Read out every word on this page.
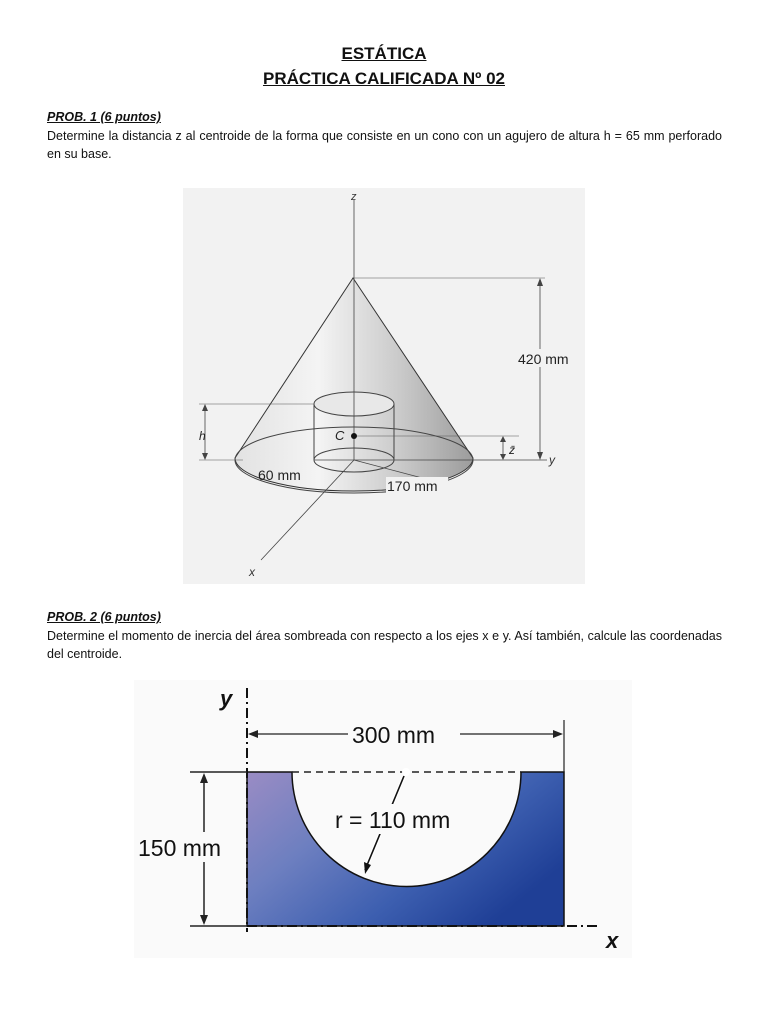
ESTÁTICA
PRÁCTICA CALIFICADA Nº 02
PROB. 1 (6 puntos)
Determine la distancia z al centroide de la forma que consiste en un cono con un agujero de altura h = 65 mm perforado en su base.
z
y
x
420 mm
h	C
z̄
60 mm
170 mm
PROB. 2 (6 puntos)
Determine el momento de inercia del área sombreada con respecto a los ejes x e y. Así también, calcule las coordenadas del centroide.
y
x
300 mm
150 mm
r = 110 mm
